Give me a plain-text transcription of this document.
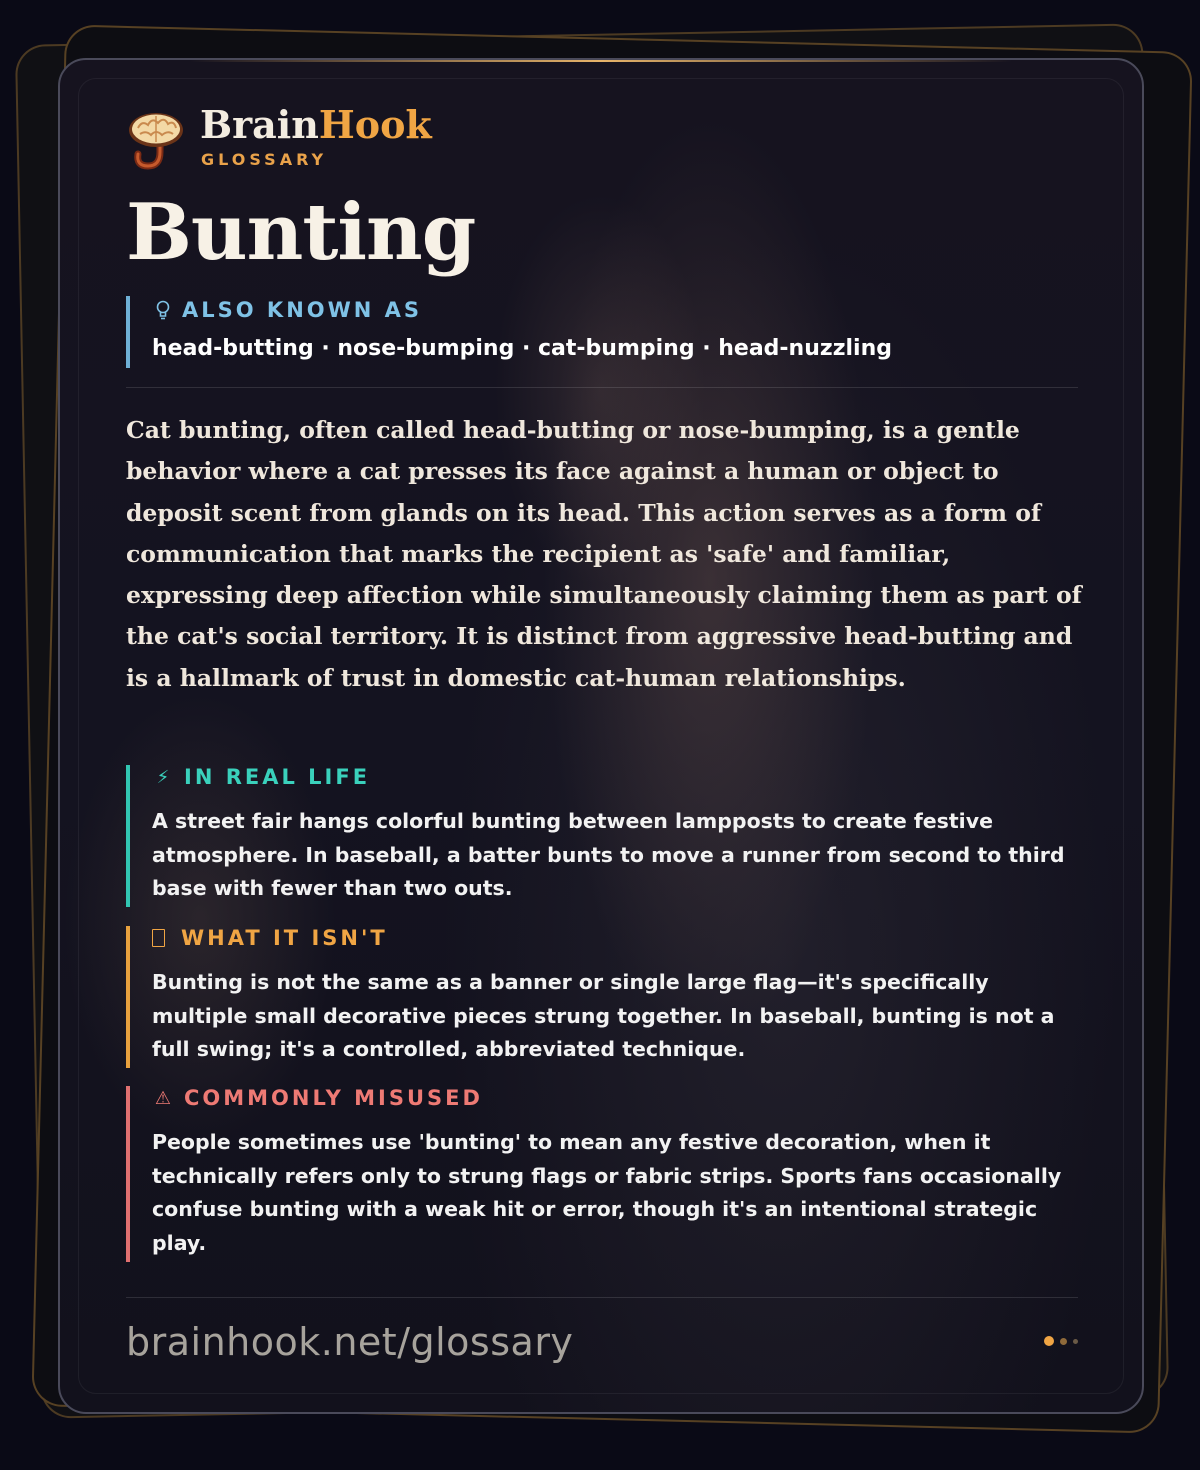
BrainHook
GLOSSARY
Bunting
ALSO KNOWN AS
head-butting · nose-bumping · cat-bumping · head-nuzzling
Cat bunting, often called head-butting or nose-bumping, is a gentle behavior where a cat presses its face against a human or object to deposit scent from glands on its head. This action serves as a form of communication that marks the recipient as 'safe' and familiar, expressing deep affection while simultaneously claiming them as part of the cat's social territory. It is distinct from aggressive head-butting and is a hallmark of trust in domestic cat-human relationships.
⚡ IN REAL LIFE
A street fair hangs colorful bunting between lampposts to create festive atmosphere. In baseball, a batter bunts to move a runner from second to third base with fewer than two outs.
WHAT IT ISN'T
Bunting is not the same as a banner or single large flag—it's specifically multiple small decorative pieces strung together. In baseball, bunting is not a full swing; it's a controlled, abbreviated technique.
⚠ COMMONLY MISUSED
People sometimes use 'bunting' to mean any festive decoration, when it technically refers only to strung flags or fabric strips. Sports fans occasionally confuse bunting with a weak hit or error, though it's an intentional strategic play.
brainhook.net/glossary
